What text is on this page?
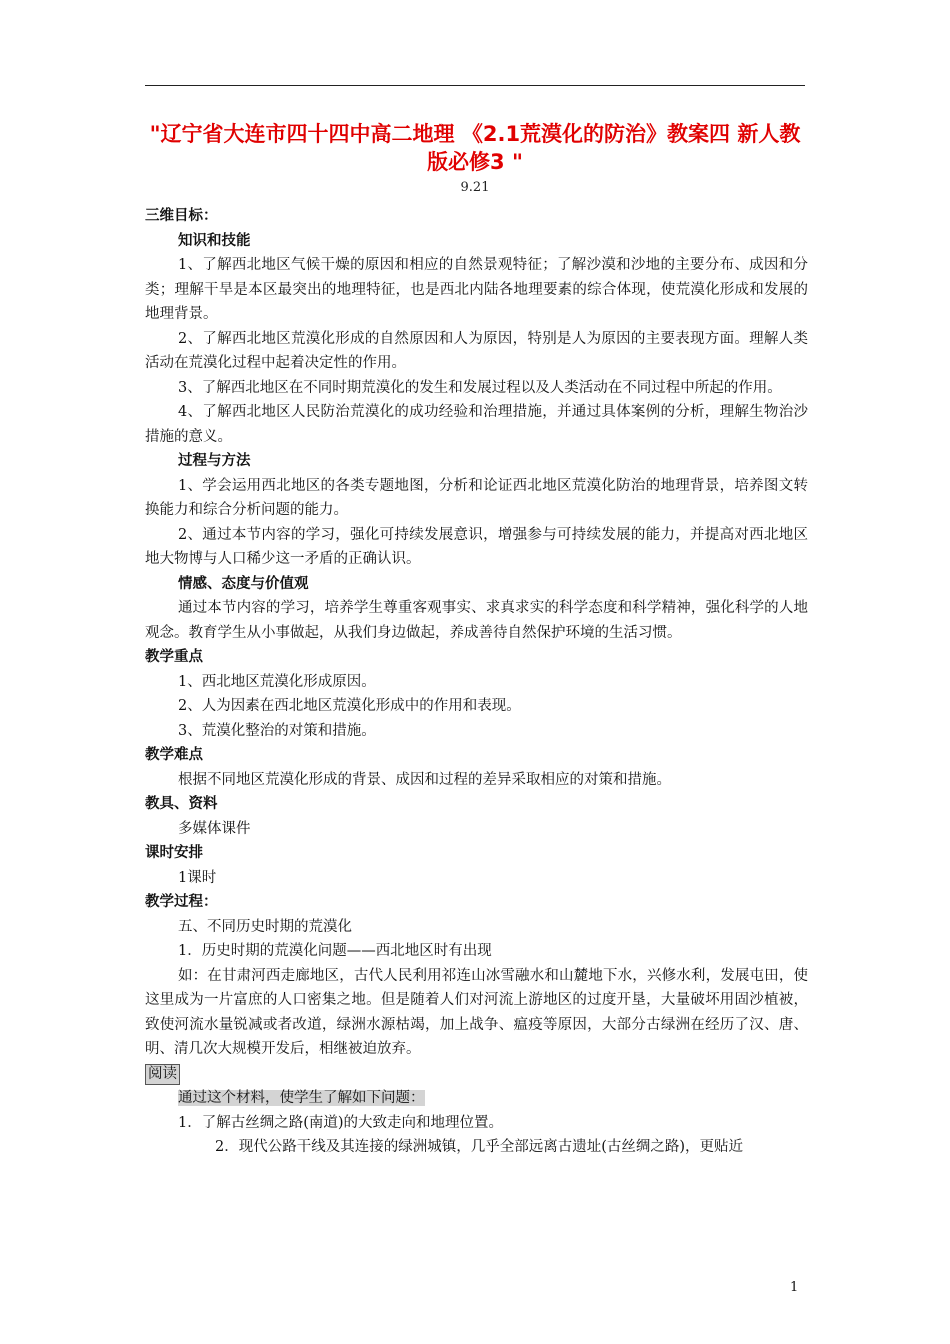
"辽宁省大连市四十四中高二地理 《2.1荒漠化的防治》教案四 新人教版必修3 "
9.21

三维目标：

知识和技能

1、了解西北地区气候干燥的原因和相应的自然景观特征；了解沙漠和沙地的主要分布、成因和分类；理解干旱是本区最突出的地理特征，也是西北内陆各地理要素的综合体现，使荒漠化形成和发展的地理背景。

2、了解西北地区荒漠化形成的自然原因和人为原因，特别是人为原因的主要表现方面。理解人类活动在荒漠化过程中起着决定性的作用。

3、了解西北地区在不同时期荒漠化的发生和发展过程以及人类活动在不同过程中所起的作用。

4、了解西北地区人民防治荒漠化的成功经验和治理措施，并通过具体案例的分析，理解生物治沙措施的意义。

过程与方法

1、学会运用西北地区的各类专题地图，分析和论证西北地区荒漠化防治的地理背景，培养图文转换能力和综合分析问题的能力。

2、通过本节内容的学习，强化可持续发展意识，增强参与可持续发展的能力，并提高对西北地区地大物博与人口稀少这一矛盾的正确认识。

情感、态度与价值观

通过本节内容的学习，培养学生尊重客观事实、求真求实的科学态度和科学精神，强化科学的人地观念。教育学生从小事做起，从我们身边做起，养成善待自然保护环境的生活习惯。

教学重点

1、西北地区荒漠化形成原因。

2、人为因素在西北地区荒漠化形成中的作用和表现。

3、荒漠化整治的对策和措施。

教学难点

根据不同地区荒漠化形成的背景、成因和过程的差异采取相应的对策和措施。

教具、资料

多媒体课件

课时安排

1课时

教学过程：

五、不同历史时期的荒漠化

1．历史时期的荒漠化问题——西北地区时有出现

如：在甘肃河西走廊地区，古代人民利用祁连山冰雪融水和山麓地下水，兴修水利，发展屯田，使这里成为一片富庶的人口密集之地。但是随着人们对河流上游地区的过度开垦，大量破坏用固沙植被，致使河流水量锐减或者改道，绿洲水源枯竭，加上战争、瘟疫等原因，大部分古绿洲在经历了汉、唐、明、清几次大规模开发后，相继被迫放弃。

阅读

通过这个材料，使学生了解如下问题：

1．了解古丝绸之路(南道)的大致走向和地理位置。

2．现代公路干线及其连接的绿洲城镇，几乎全部远离古遗址(古丝绸之路)，更贴近

1
